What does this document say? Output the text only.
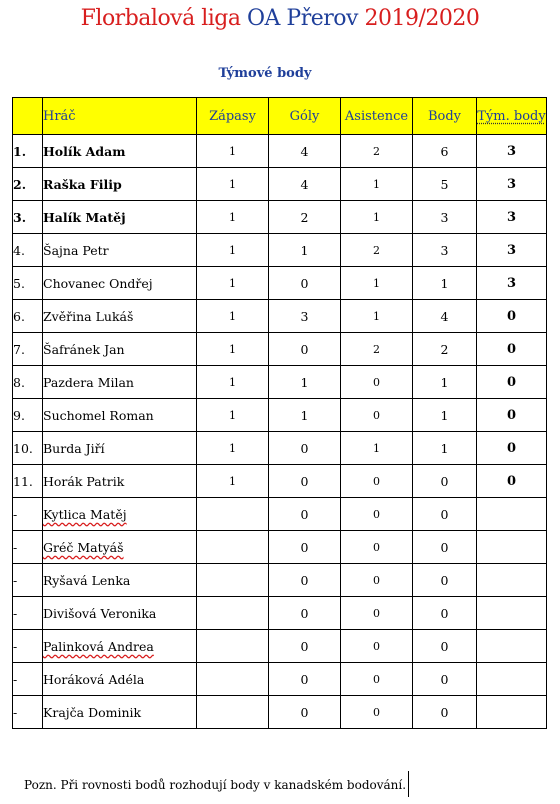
Florbalová liga OA Přerov 2019/2020
Týmové body
	Hráč	Zápasy	Góly	Asistence	Body	Tým. body
1.	Holík Adam	1	4	2	6	3
2.	Raška Filip	1	4	1	5	3
3.	Halík Matěj	1	2	1	3	3
4.	Šajna Petr	1	1	2	3	3
5.	Chovanec Ondřej	1	0	1	1	3
6.	Zvěřina Lukáš	1	3	1	4	0
7.	Šafránek Jan	1	0	2	2	0
8.	Pazdera Milan	1	1	0	1	0
9.	Suchomel Roman	1	1	0	1	0
10.	Burda Jiří	1	0	1	1	0
11.	Horák Patrik	1	0	0	0	0
-	Kytlica Matěj		0	0	0	
-	Gréč Matyáš		0	0	0	
-	Ryšavá Lenka		0	0	0	
-	Divišová Veronika		0	0	0	
-	Palinková Andrea		0	0	0	
-	Horáková Adéla		0	0	0	
-	Krajča Dominik		0	0	0	
Pozn. Při rovnosti bodů rozhodují body v kanadském bodování.
